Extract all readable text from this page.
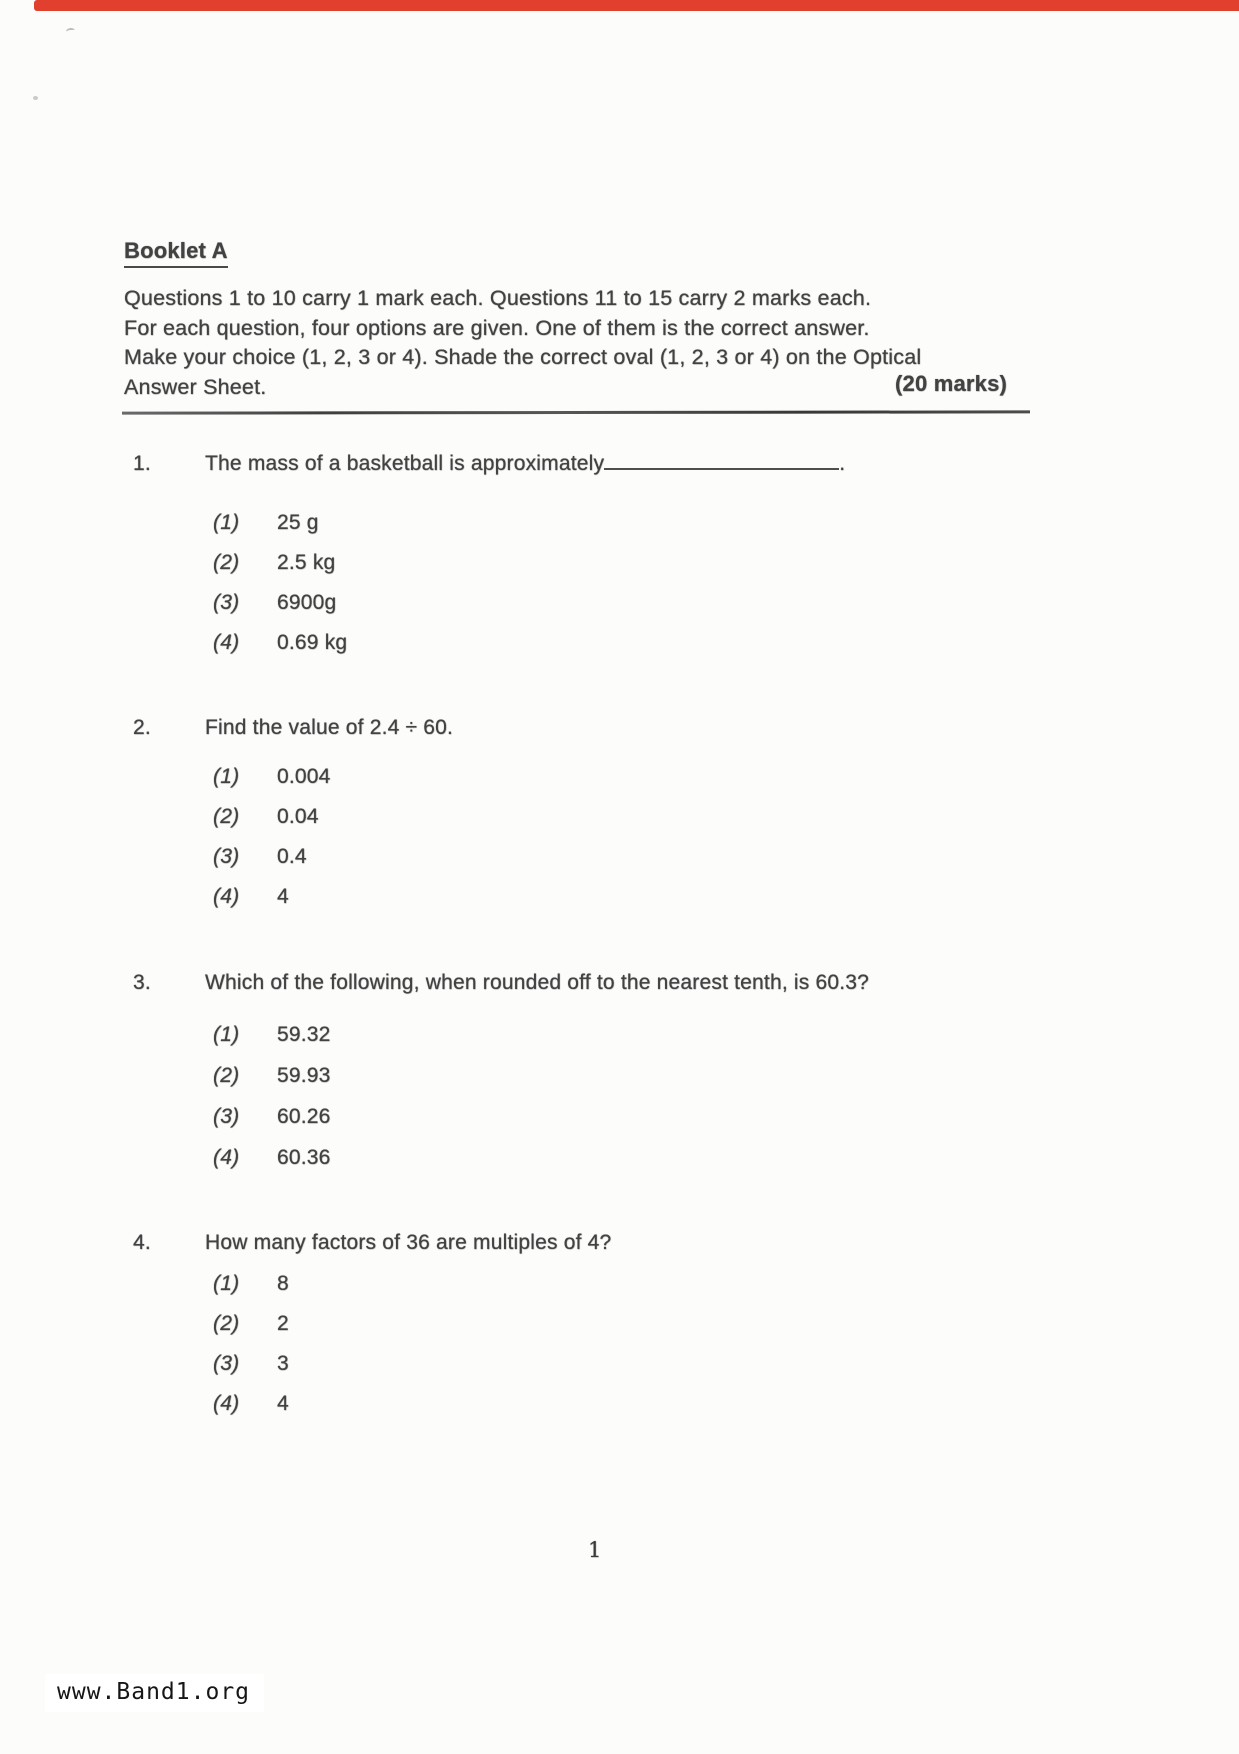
Booklet A
Questions 1 to 10 carry 1 mark each. Questions 11 to 15 carry 2 marks each.
For each question, four options are given. One of them is the correct answer.
Make your choice (1, 2, 3 or 4). Shade the correct oval (1, 2, 3 or 4) on the Optical
Answer Sheet.	(20 marks)
1.	The mass of a basketball is approximately	.
(1)	25 g
(2)	2.5 kg
(3)	6900g
(4)	0.69 kg
2.	Find the value of 2.4 ÷ 60.
(1)	0.004
(2)	0.04
(3)	0.4
(4)	4
3.	Which of the following, when rounded off to the nearest tenth, is 60.3?
(1)	59.32
(2)	59.93
(3)	60.26
(4)	60.36
4.	How many factors of 36 are multiples of 4?
(1)	8
(2)	2
(3)	3
(4)	4
1
www.Band1.org
